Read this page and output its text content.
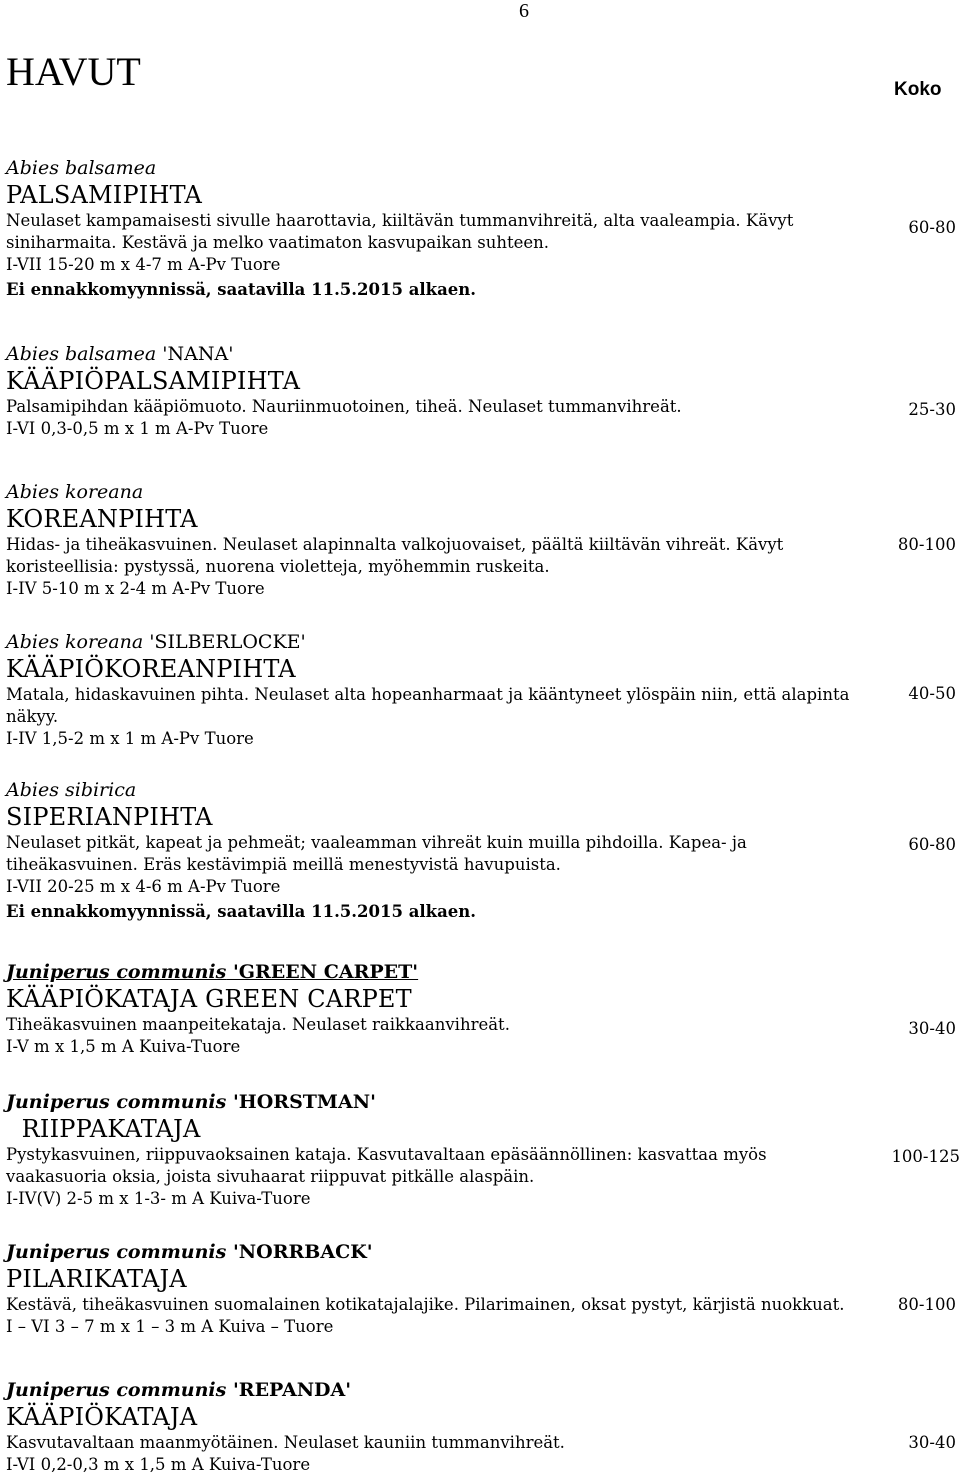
6
HAVUT	Koko
Abies balsamea
PALSAMIPIHTA
Neulaset kampamaisesti sivulle haarottavia, kiiltävän tummanvihreitä, alta vaaleampia. Kävyt siniharmaita. Kestävä ja melko vaatimaton kasvupaikan suhteen.
I-VII 15-20 m x 4-7 m A-Pv Tuore
Ei ennakkomyynnissä, saatavilla 11.5.2015 alkaen.
60-80
Abies balsamea 'NANA'
KÄÄPIÖPALSAMIPIHTA
Palsamipihdan kääpiömuoto. Nauriinmuotoinen, tiheä. Neulaset tummanvihreät.
I-VI 0,3-0,5 m x 1 m A-Pv Tuore
25-30
Abies koreana
KOREANPIHTA
Hidas- ja tiheäkasvuinen. Neulaset alapinnalta valkojuovaiset, päältä kiiltävän vihreät. Kävyt koristeellisia: pystyssä, nuorena violetteja, myöhemmin ruskeita.
I-IV 5-10 m x 2-4 m A-Pv Tuore
80-100
Abies koreana 'SILBERLOCKE'
KÄÄPIÖKOREANPIHTA
Matala, hidaskavuinen pihta. Neulaset alta hopeanharmaat ja kääntyneet ylöspäin niin, että alapinta näkyy.
I-IV 1,5-2 m x 1 m A-Pv Tuore
40-50
Abies sibirica
SIPERIANPIHTA
Neulaset pitkät, kapeat ja pehmeät; vaaleamman vihreät kuin muilla pihdoilla. Kapea- ja tiheäkasvuinen. Eräs kestävimpiä meillä menestyvistä havupuista.
I-VII 20-25 m x 4-6 m A-Pv Tuore
Ei ennakkomyynnissä, saatavilla 11.5.2015 alkaen.
60-80
Juniperus communis 'GREEN CARPET'
KÄÄPIÖKATAJA GREEN CARPET
Tiheäkasvuinen maanpeitekataja. Neulaset raikkaanvihreät.
I-V m x 1,5 m A Kuiva-Tuore
30-40
Juniperus communis 'HORSTMAN'
RIIPPAKATAJA
Pystykasvuinen, riippuvaoksainen kataja. Kasvutavaltaan epäsäännöllinen: kasvattaa myös vaakasuoria oksia, joista sivuhaarat riippuvat pitkälle alaspäin.
I-IV(V) 2-5 m x 1-3- m A Kuiva-Tuore
100-125
Juniperus communis 'NORRBACK'
PILARIKATAJA
Kestävä, tiheäkasvuinen suomalainen kotikatajalajike. Pilarimainen, oksat pystyt, kärjistä nuokkuat.
I – VI 3 – 7 m x 1 – 3 m A Kuiva – Tuore
80-100
Juniperus communis 'REPANDA'
KÄÄPIÖKATAJA
Kasvutavaltaan maanmyötäinen. Neulaset kauniin tummanvihreät.
I-VI 0,2-0,3 m x 1,5 m A Kuiva-Tuore
30-40
